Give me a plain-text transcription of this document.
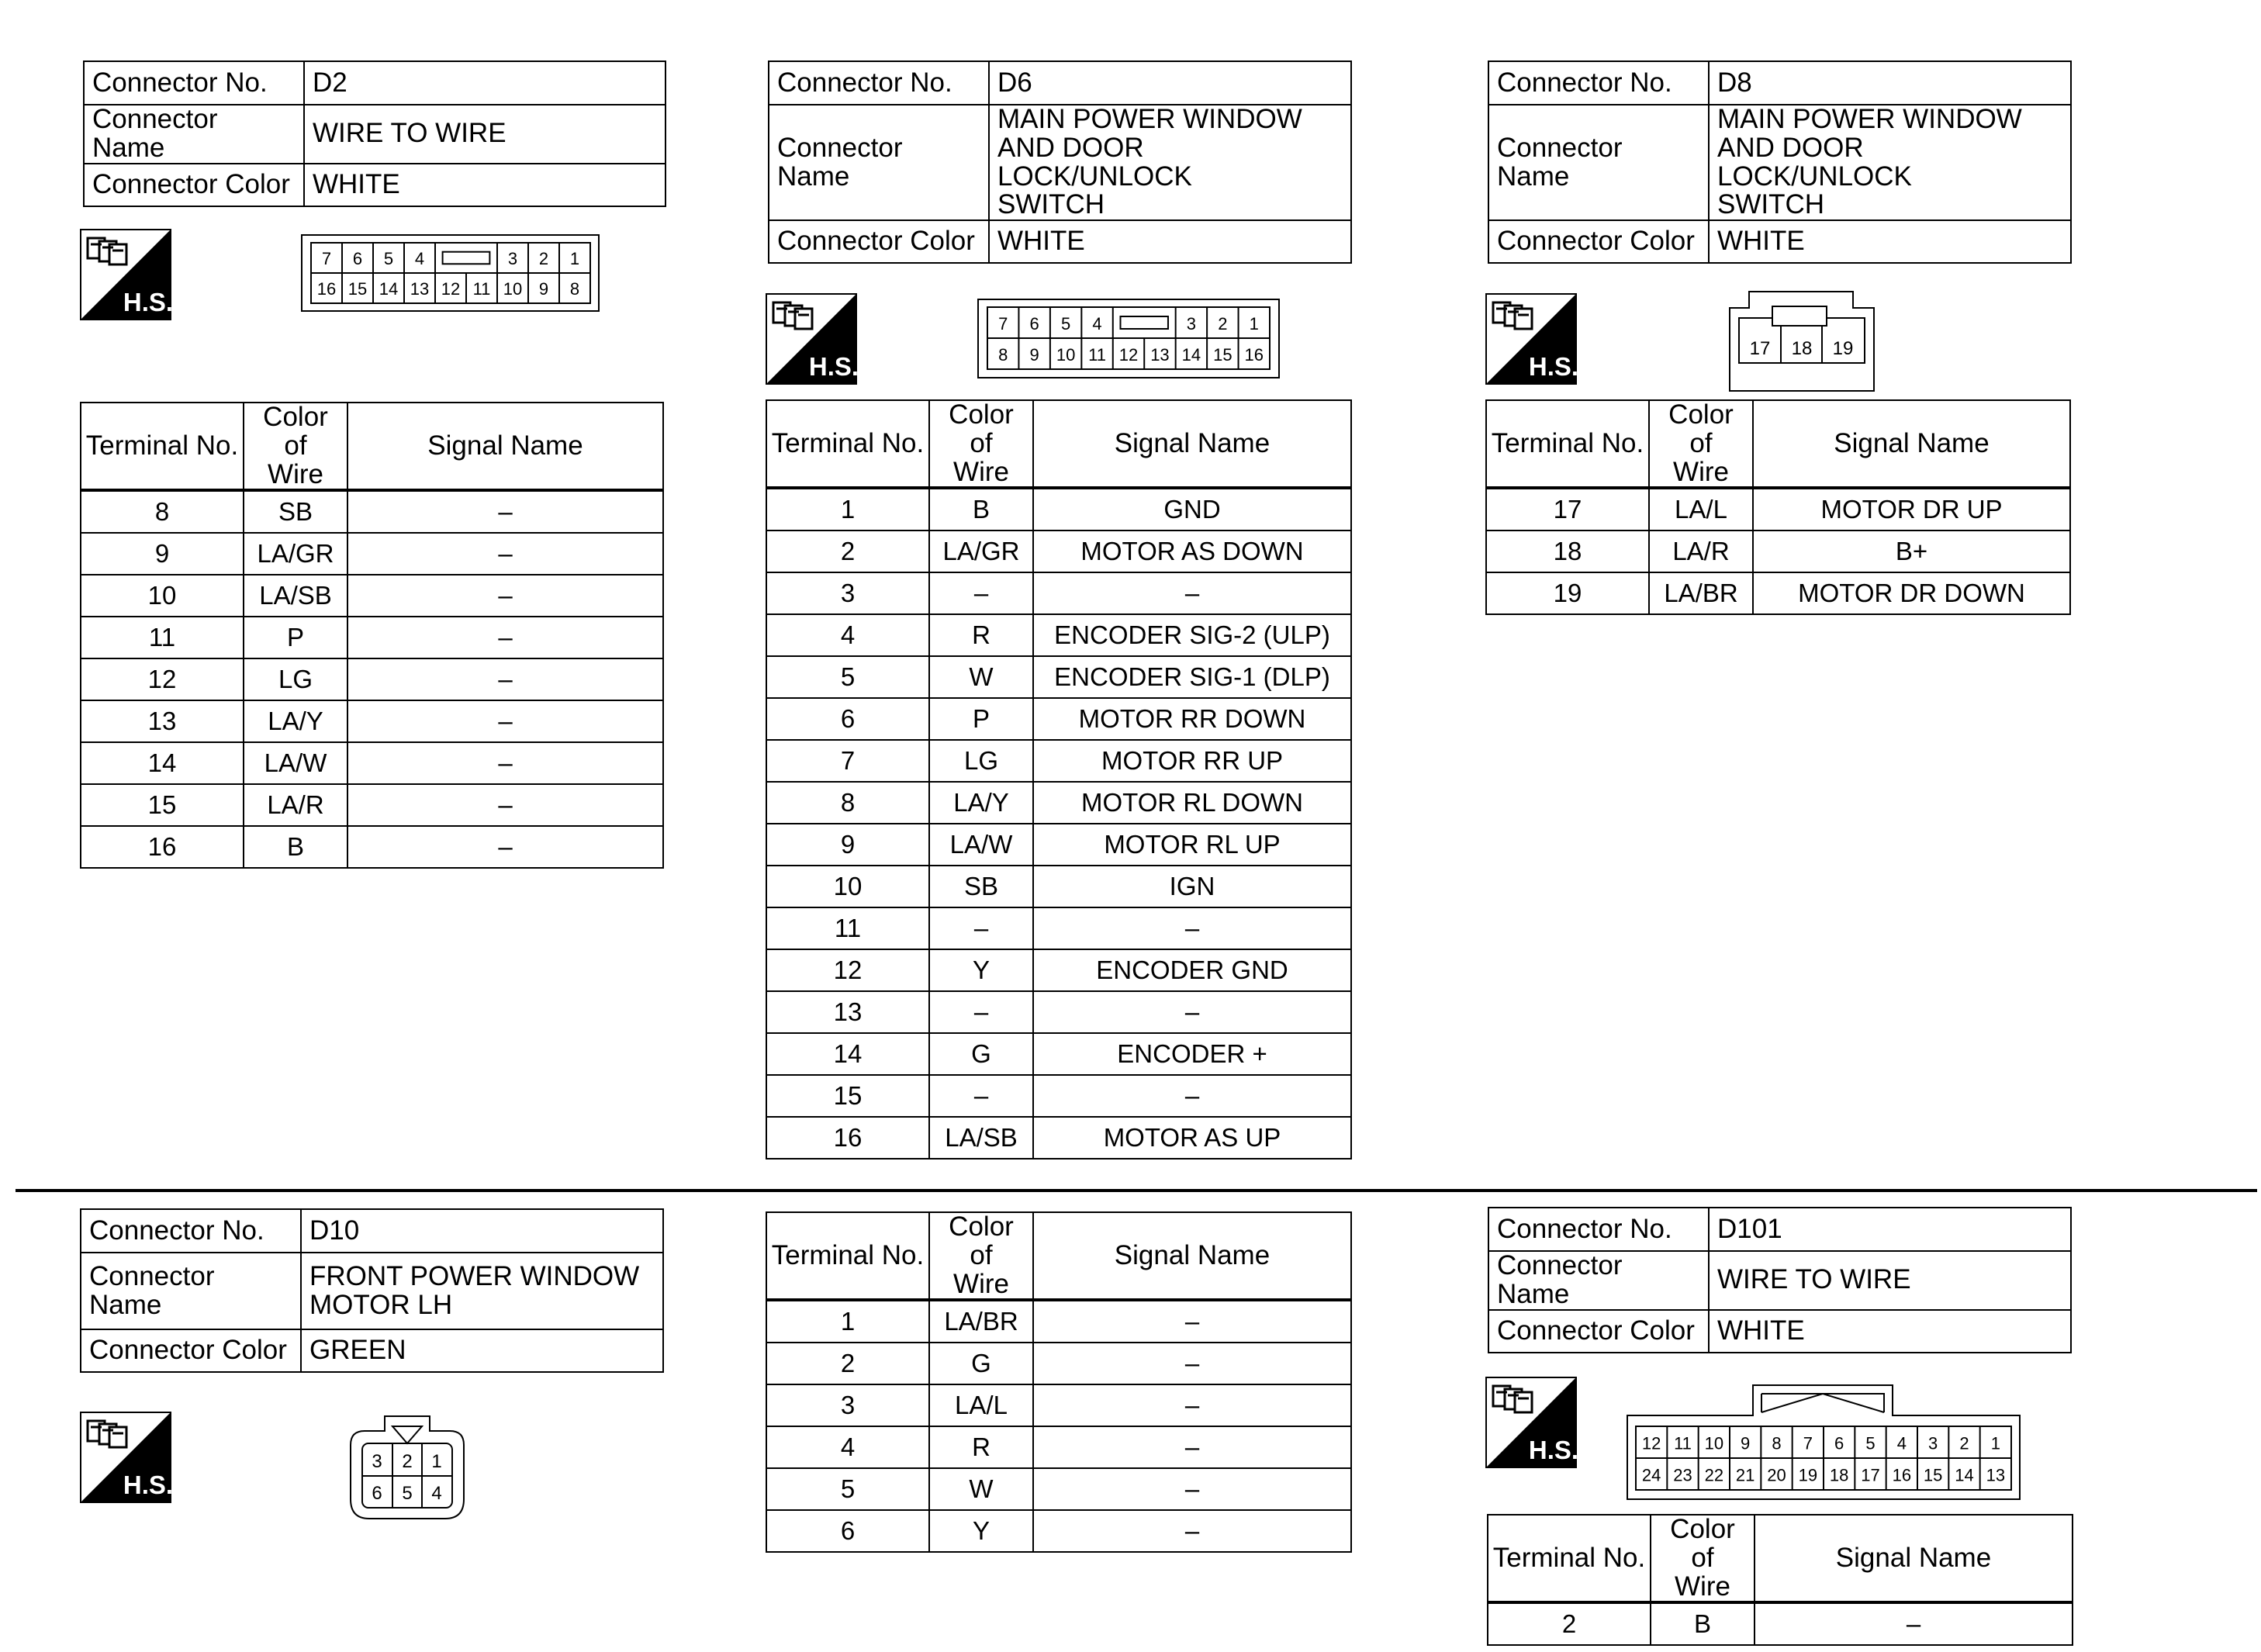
Connector No.	D2
Connector Name	WIRE TO WIRE
Connector Color	WHITE
H.S.
7 6 5 4	3 2 1
16 15 14 13 12 11 10 9 8
Terminal No.	Color of Wire	Signal Name
8	SB	–
9	LA/GR	–
10	LA/SB	–
11	P	–
12	LG	–
13	LA/Y	–
14	LA/W	–
15	LA/R	–
16	B	–
Connector No.	D6
Connector Name	MAIN POWER WINDOW
AND DOOR LOCK/UNLOCK
SWITCH

Connector Color	WHITE
H.S.
7 6 5 4	3 2 1
8 9 10 11 12 13 14 15 16
Terminal No.	Color of Wire	Signal Name
1	B	GND
2	LA/GR	MOTOR AS DOWN
3	–	–
4	R	ENCODER SIG-2 (ULP)
5	W	ENCODER SIG-1 (DLP)
6	P	MOTOR RR DOWN
7	LG	MOTOR RR UP
8	LA/Y	MOTOR RL DOWN
9	LA/W	MOTOR RL UP
10	SB	IGN
11	–	–
12	Y	ENCODER GND
13	–	–
14	G	ENCODER +
15	–	–
16	LA/SB	MOTOR AS UP
Connector No.	D8
Connector Name	MAIN POWER WINDOW
AND DOOR LOCK/UNLOCK
SWITCH

Connector Color	WHITE
H.S.
17 18 19
Terminal No.	Color of Wire	Signal Name
17	LA/L	MOTOR DR UP
18	LA/R	B+
19	LA/BR	MOTOR DR DOWN
Connector No.	D10
Connector Name	FRONT POWER WINDOW
MOTOR LH

Connector Color	GREEN
H.S.
3 2 1
6 5 4
Terminal No.	Color of Wire	Signal Name
1	LA/BR	–
2	G	–
3	LA/L	–
4	R	–
5	W	–
6	Y	–
Connector No.	D101
Connector Name	WIRE TO WIRE
Connector Color	WHITE
H.S.	12 11 10 9 8 7 6 5 4 3 2 1
24 23 22 21 20 19 18 17 16 15 14 13
Terminal No.	Color of Wire	Signal Name
2	B	–
